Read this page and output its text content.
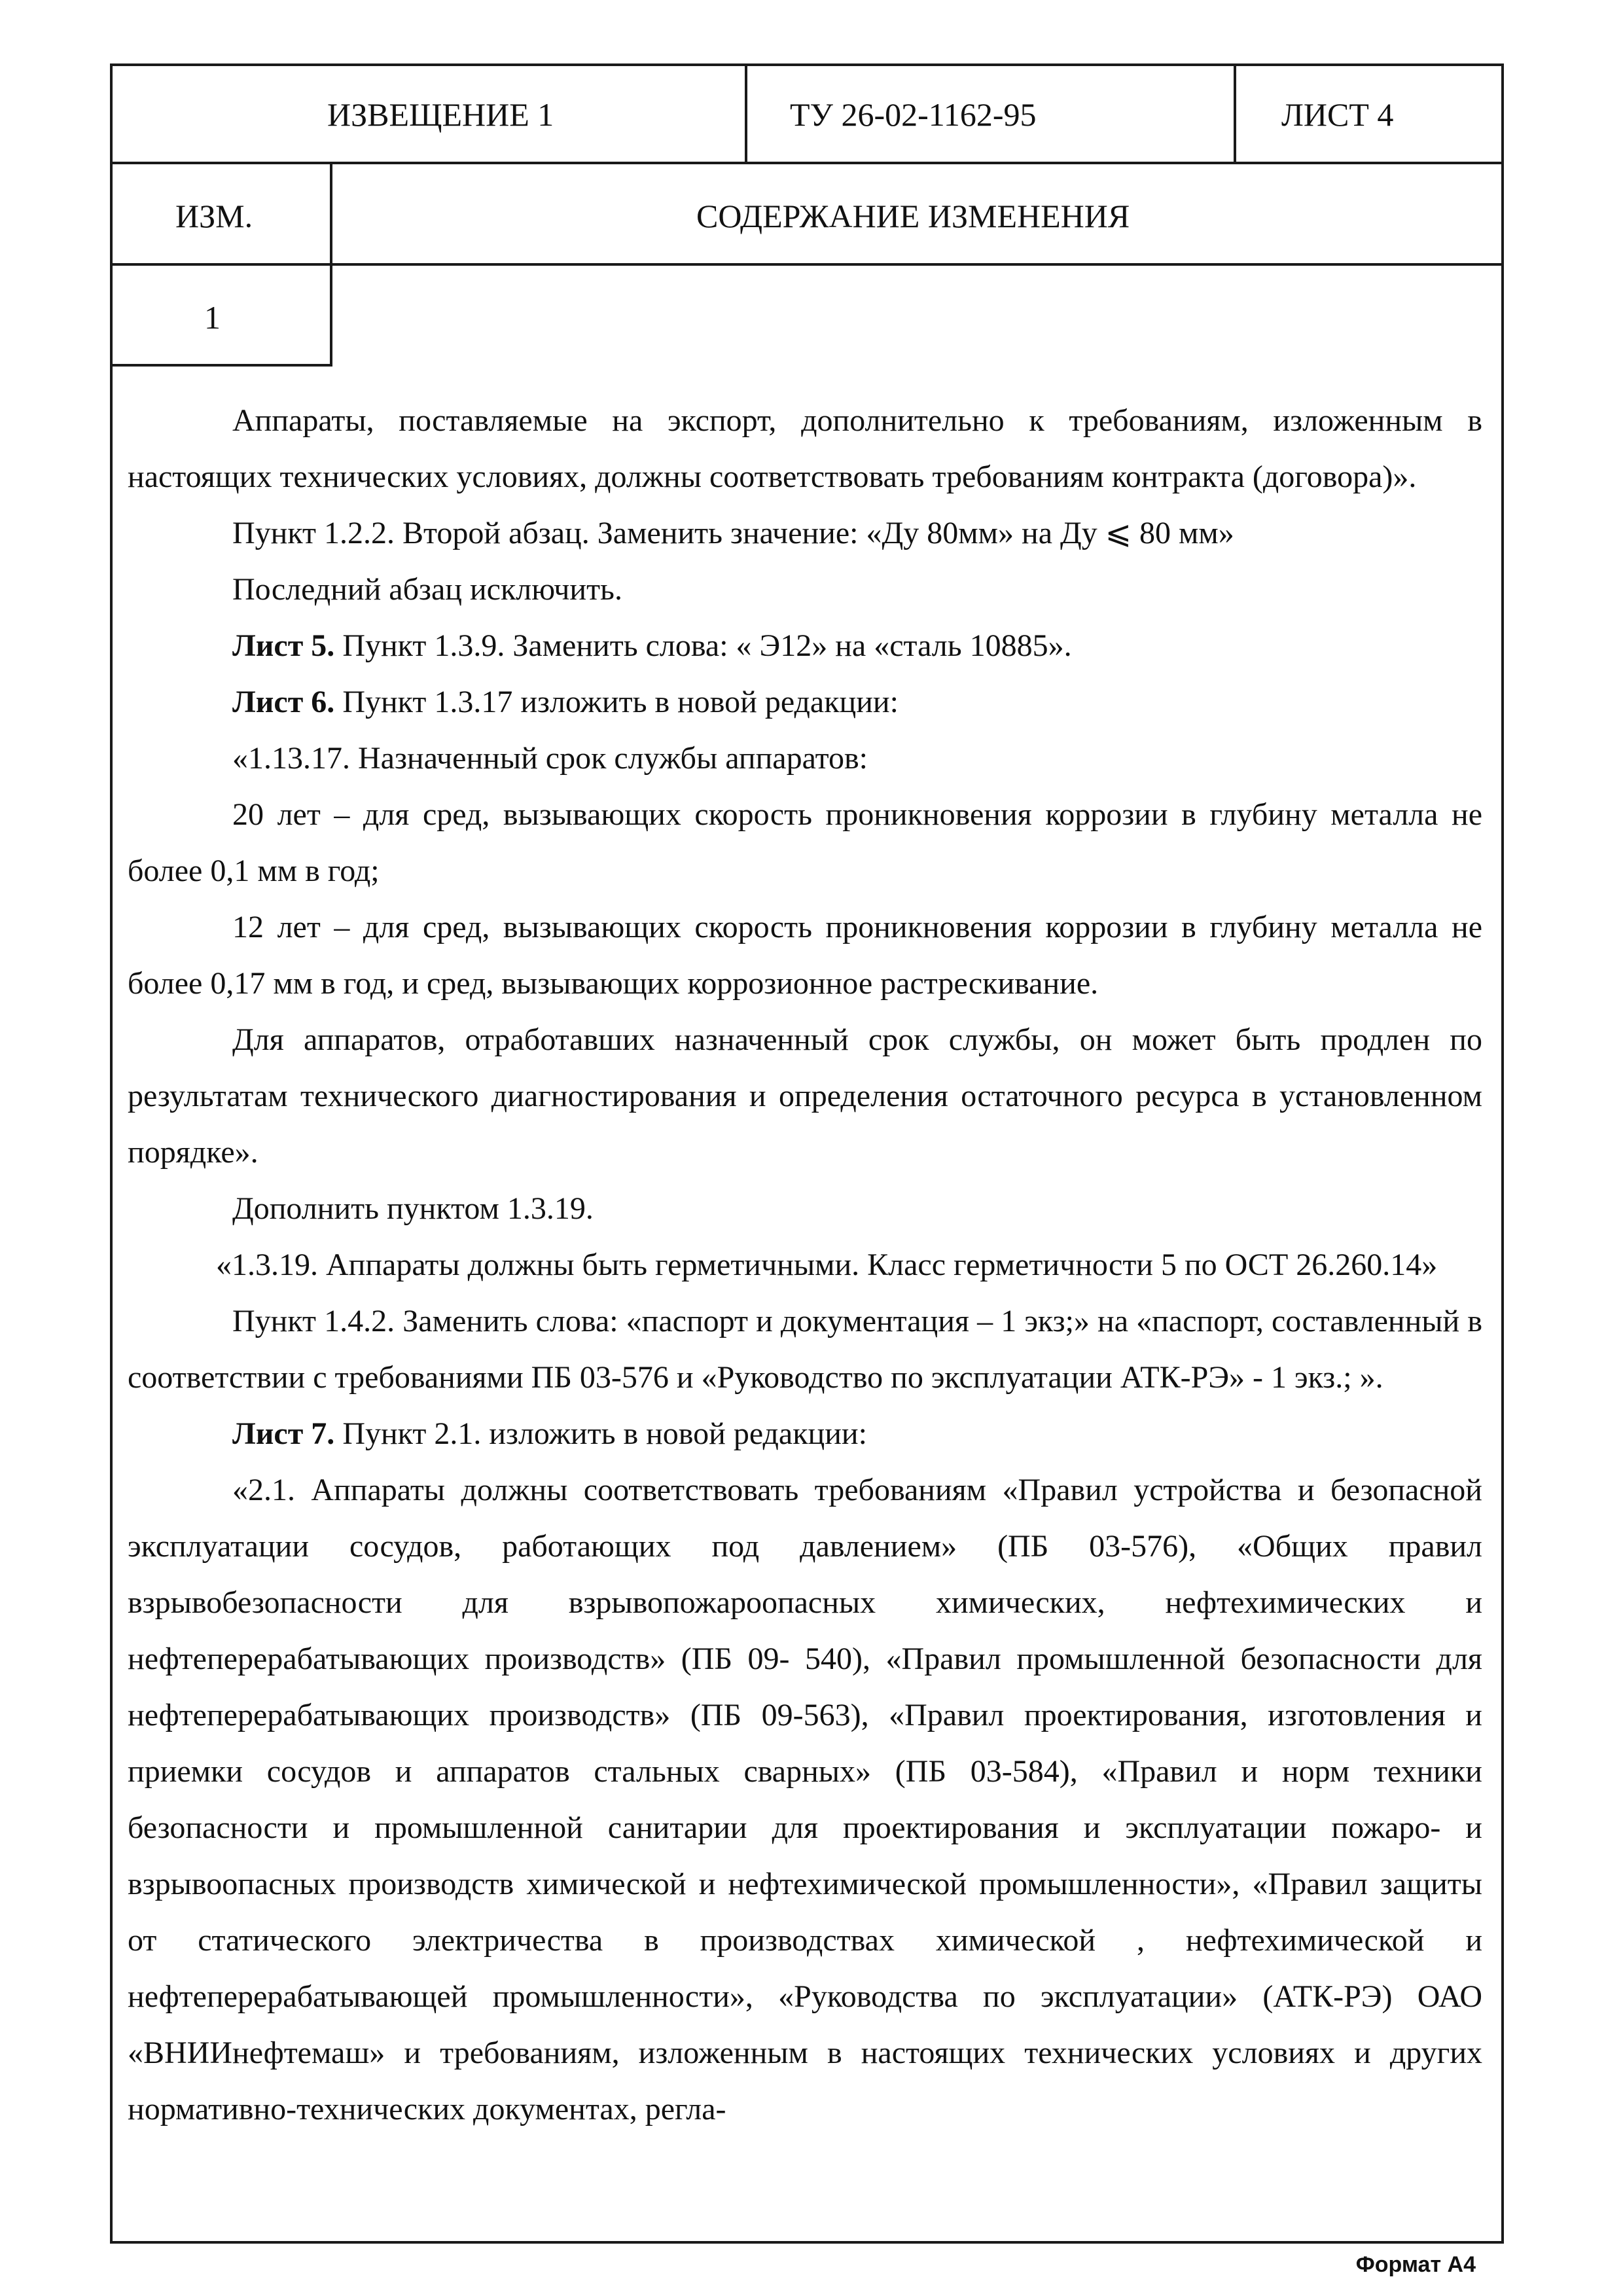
ИЗВЕЩЕНИЕ 1	ТУ 26-02-1162-95	ЛИСТ 4
ИЗМ.	СОДЕРЖАНИЕ ИЗМЕНЕНИЯ
1

Аппараты, поставляемые на экспорт, дополнительно к требованиям, изложенным в настоящих технических условиях, должны соответствовать требованиям контракта (договора)».

Пункт 1.2.2. Второй абзац. Заменить значение: «Ду 80мм» на Ду ⩽ 80 мм»

Последний абзац исключить.

Лист 5. Пункт 1.3.9. Заменить слова: « Э12» на «сталь 10885».

Лист 6. Пункт 1.3.17 изложить в новой редакции:

«1.13.17. Назначенный срок службы аппаратов:

20 лет – для сред, вызывающих скорость проникновения коррозии в глубину металла не более 0,1 мм в год;

12 лет – для сред, вызывающих скорость проникновения коррозии в глубину металла не более 0,17 мм в год, и сред, вызывающих коррозионное растрескивание.

Для аппаратов, отработавших назначенный срок службы, он может быть продлен по результатам технического диагностирования и определения остаточного ресурса в установленном порядке».

Дополнить пунктом 1.3.19.

«1.3.19. Аппараты должны быть герметичными. Класс герметичности 5 по ОСТ 26.260.14»

Пункт 1.4.2. Заменить слова: «паспорт и документация – 1 экз;» на «паспорт, составленный в соответствии с требованиями ПБ 03-576 и «Руководство по эксплуатации АТК-РЭ» - 1 экз.; ».

Лист 7. Пункт 2.1. изложить в новой редакции:

«2.1. Аппараты должны соответствовать требованиям «Правил устройства и безопасной эксплуатации сосудов, работающих под давлением» (ПБ 03-576), «Общих правил взрывобезопасности для взрывопожароопасных химических, нефтехимических и нефтеперерабатывающих производств» (ПБ 09- 540), «Правил промышленной безопасности для нефтеперерабатывающих производств» (ПБ 09-563), «Правил проектирования, изготовления и приемки сосудов и аппаратов стальных сварных» (ПБ 03-584), «Правил и норм техники безопасности и промышленной санитарии для проектирования и эксплуатации пожаро- и взрывоопасных производств химической и нефтехимической промышленности», «Правил защиты от статического электричества в производствах химической , нефтехимической и нефтеперерабатывающей промышленности», «Руководства по эксплуатации» (АТК-РЭ) ОАО «ВНИИнефтемаш» и требованиям, изложенным в настоящих технических условиях и других нормативно-технических документах, регла-

Формат А4
